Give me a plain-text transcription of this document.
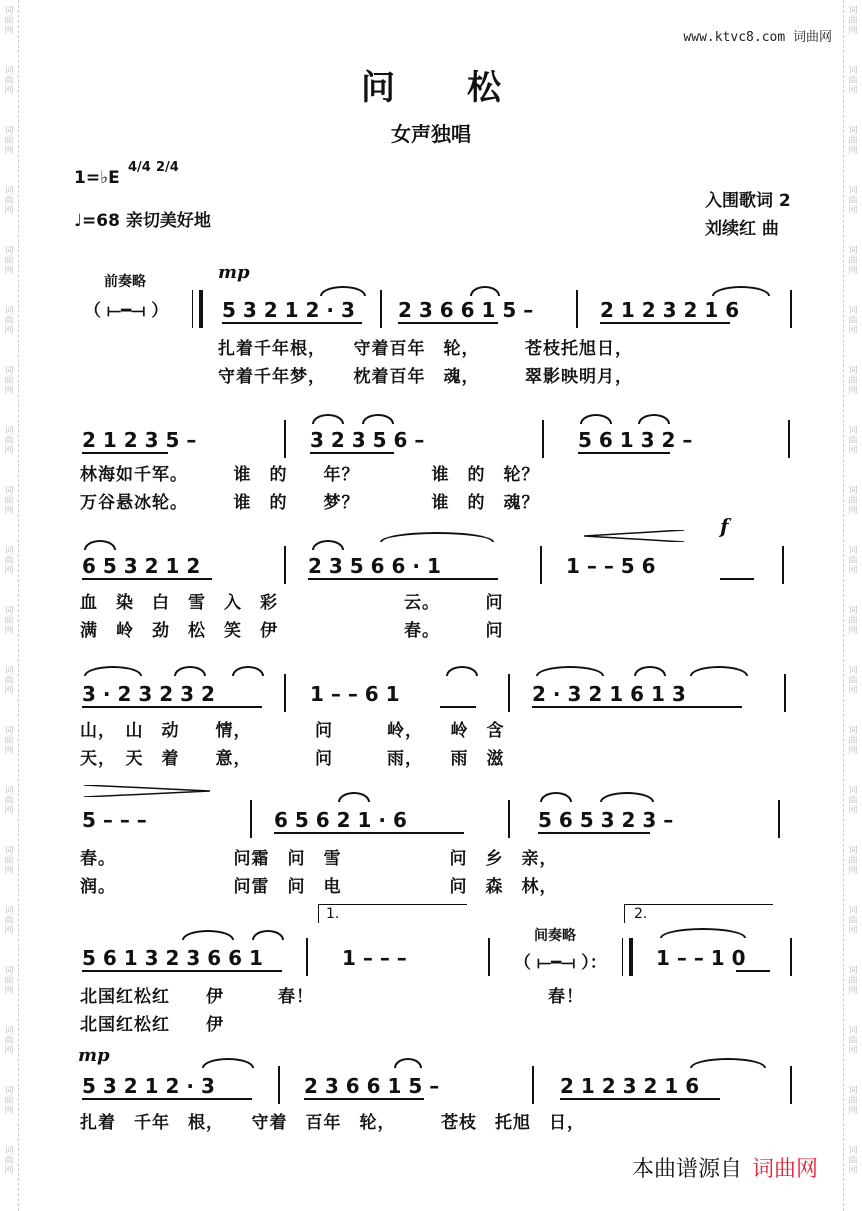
词
曲
网
词
曲
网
词
曲
网
词
曲
网
词
曲
网
词
曲
网
词
曲
网
词
曲
网
词
曲
网
词
曲
网
词
曲
网
词
曲
网
词
曲
网
词
曲
网
词
曲
网
词
曲
网
词
曲
网
词
曲
网
词
曲
网
词
曲
网
词
曲
网
词
曲
网
词
曲
网
词
曲
网
词
曲
网
词
曲
网
词
曲
网
词
曲
网
词
曲
网
词
曲
网
词
曲
网
词
曲
网
词
曲
网
词
曲
网
词
曲
网
词
曲
网
词
曲
网
词
曲
网
词
曲
网
词
曲
网
www.ktvc8.com 词曲网
问松
女声独唱
1=♭E
4/4 2/4
♩=68 亲切美好地
入围歌词 2
刘续红 曲
前奏略	mp
（ ⟝━⟞ ）	5 3 2 1 2 · 3 2 3 6 6 1 5 –	2 1 2 3 2 1 6
扎着千年根，　　守着百年　轮，　　　苍枝托旭日，
守着千年梦，　　枕着百年　魂，　　　翠影映明月，
2 1 2 3 5 –	3 2 3 5 6 –	5 6 1 3 2 –
林海如千军。　　　谁　的　　年？　　　　谁　的　轮？
万谷悬冰轮。　　　谁　的　　梦？　　　　谁　的　魂？
f
6 5 3 2 1 2	2 3 5 6 6 · 1	1 – – 5 6
血　染　白　雪　入　彩　　　　　　　云。　　　问
满　岭　劲　松　笑　伊　　　　　　　春。　　　问
3 · 2 3 2 3 2	1 – – 6 1	2 · 3 2 1 6 1 3
山，　山　动　　情，　　　　问　　　岭，　　岭　含
天，　天　着　　意，　　　　问　　　雨，　　雨　滋
5 – – –	6 5 6 2 1 · 6	5 6 5 3 2 3 –
春。　　　　　　　问霜　问　雪　　　　　　问　乡　亲，
润。　　　　　　　问雷　问　电　　　　　　问　森　林，
1.	2.
间奏略
5 6 1 3 2 3 6 6 1	1 – – –	（ ⟝━⟞ ）： 1 – – 1 0
北国红松红　　伊　　　春！　　　　　　　　　　　　　春！
北国红松红　　伊
mp
5 3 2 1 2 · 3	2 3 6 6 1 5 –	2 1 2 3 2 1 6
扎着　千年　根，　　守着　百年　轮，　　　苍枝　托旭　日，
本曲谱源自 词曲网
